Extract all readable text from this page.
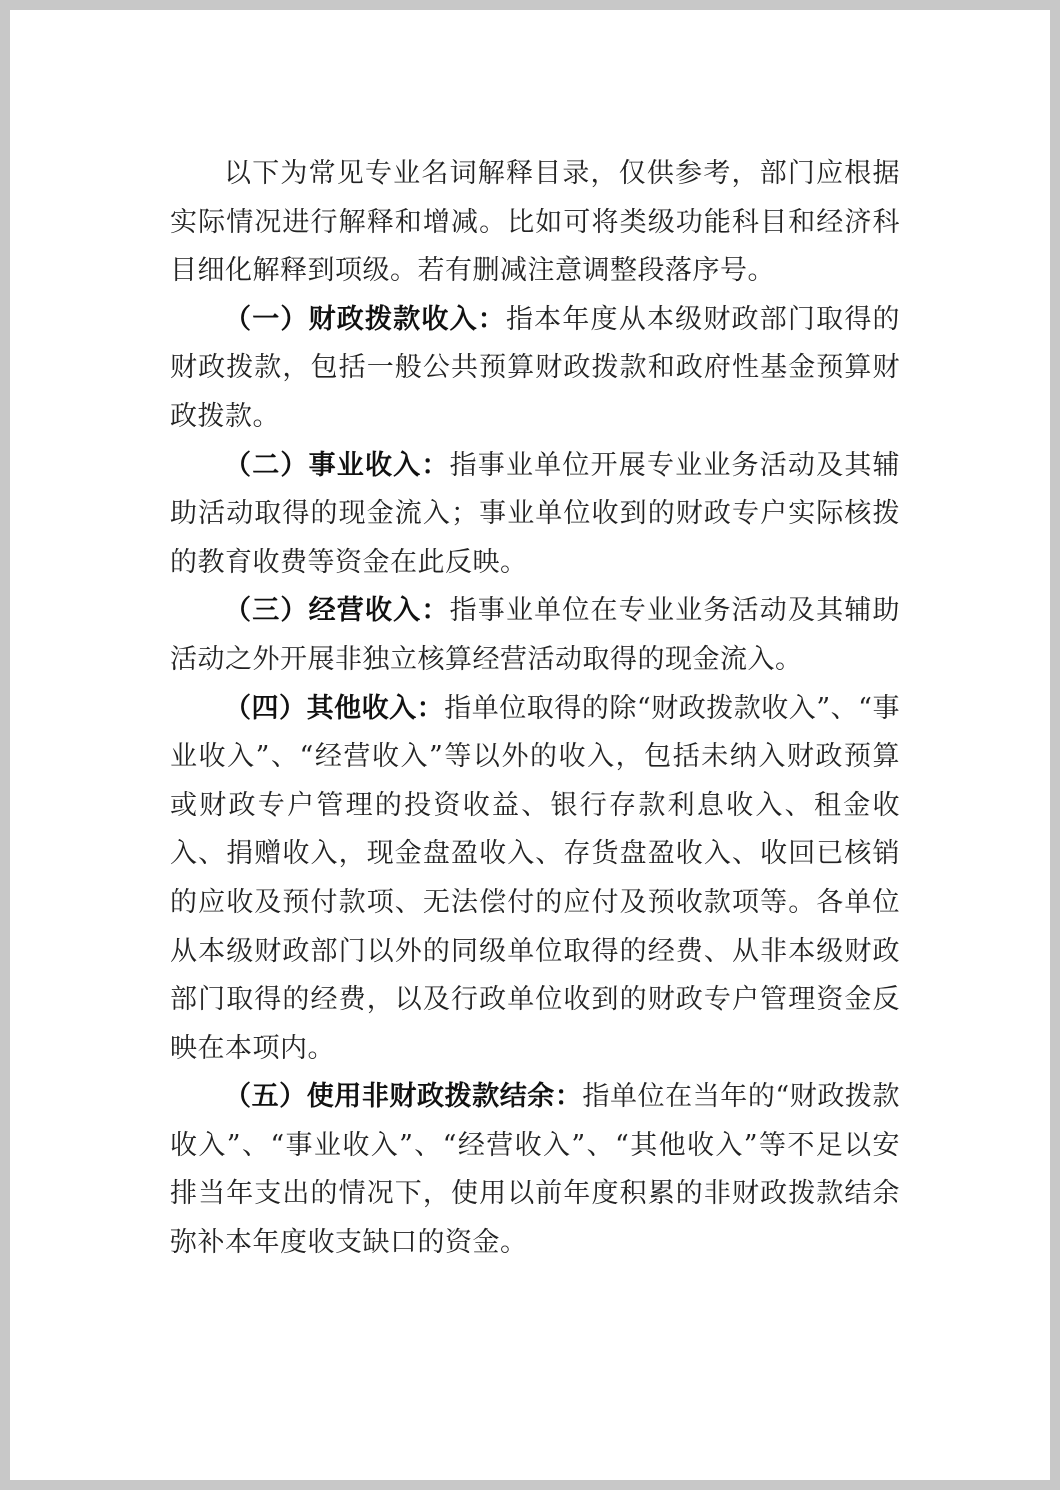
以下为常见专业名词解释目录，仅供参考，部门应根据实际情况进行解释和增减。比如可将类级功能科目和经济科目细化解释到项级。若有删减注意调整段落序号。

（一）财政拨款收入：指本年度从本级财政部门取得的财政拨款，包括一般公共预算财政拨款和政府性基金预算财政拨款。

（二）事业收入：指事业单位开展专业业务活动及其辅助活动取得的现金流入；事业单位收到的财政专户实际核拨的教育收费等资金在此反映。

（三）经营收入：指事业单位在专业业务活动及其辅助活动之外开展非独立核算经营活动取得的现金流入。

（四）其他收入：指单位取得的除“财政拨款收入”、“事业收入”、“经营收入”等以外的收入，包括未纳入财政预算或财政专户管理的投资收益、银行存款利息收入、租金收入、捐赠收入，现金盘盈收入、存货盘盈收入、收回已核销的应收及预付款项、无法偿付的应付及预收款项等。各单位从本级财政部门以外的同级单位取得的经费、从非本级财政部门取得的经费，以及行政单位收到的财政专户管理资金反映在本项内。

（五）使用非财政拨款结余：指单位在当年的“财政拨款收入”、“事业收入”、“经营收入”、“其他收入”等不足以安排当年支出的情况下，使用以前年度积累的非财政拨款结余弥补本年度收支缺口的资金。
